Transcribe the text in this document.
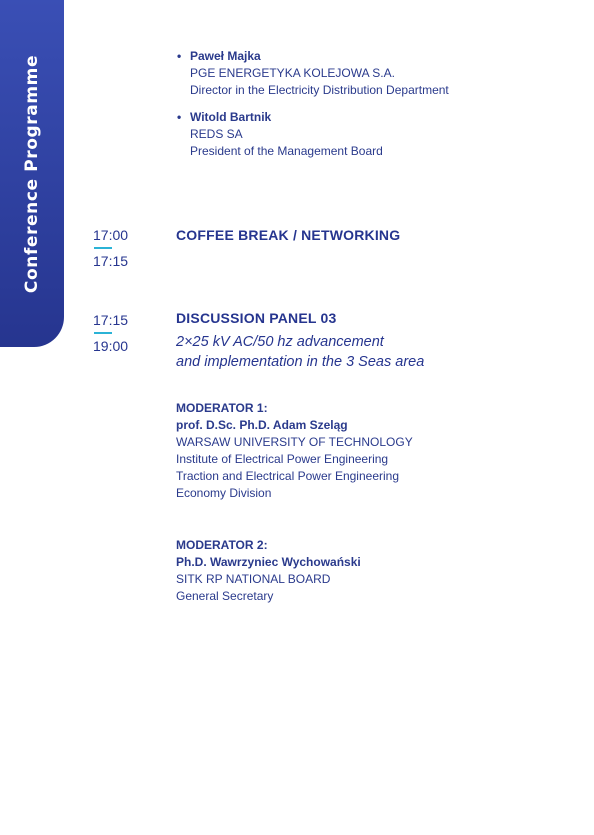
Conference Programme	• Paweł Majka
PGE ENERGETYKA KOLEJOWA S.A.
Director in the Electricity Distribution Department
• Witold Bartnik
REDS SA
President of the Management Board
17:00
17:15
COFFEE BREAK / NETWORKING
17:15
19:00
DISCUSSION PANEL 03
2×25 kV AC/50 hz advancement
and implementation in the 3 Seas area
MODERATOR 1:
prof. D.Sc. Ph.D. Adam Szeląg
WARSAW UNIVERSITY OF TECHNOLOGY
Institute of Electrical Power Engineering
Traction and Electrical Power Engineering
Economy Division
MODERATOR 2:
Ph.D. Wawrzyniec Wychowański
SITK RP NATIONAL BOARD
General Secretary
